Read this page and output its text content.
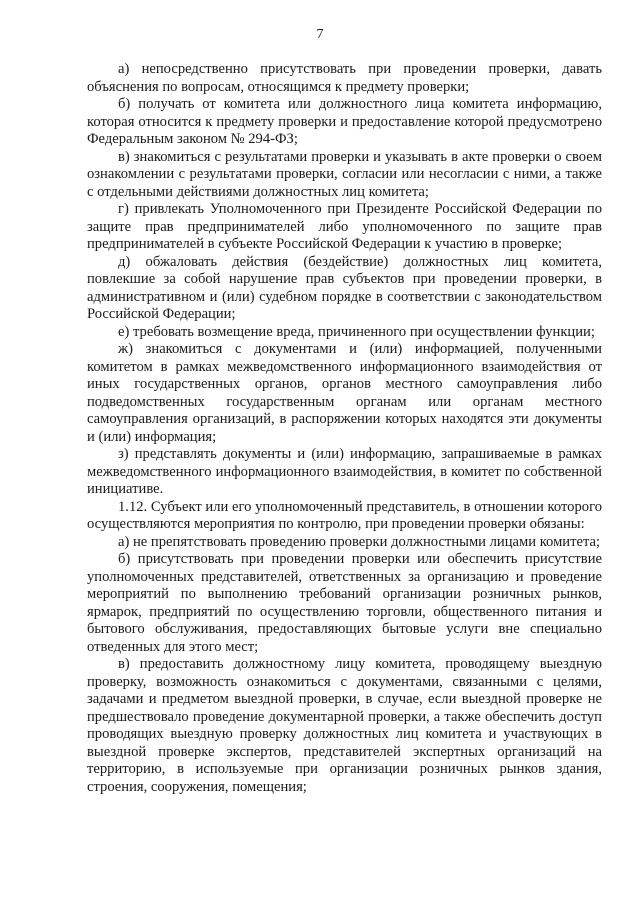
7

а) непосредственно присутствовать при проведении проверки, давать объяснения по вопросам, относящимся к предмету проверки;

б) получать от комитета или должностного лица комитета информацию, которая относится к предмету проверки и предоставление которой предусмотрено Федеральным законом № 294-ФЗ;

в) знакомиться с результатами проверки и указывать в акте проверки о своем ознакомлении с результатами проверки, согласии или несогласии с ними, а также с отдельными действиями должностных лиц комитета;

г) привлекать Уполномоченного при Президенте Российской Федерации по защите прав предпринимателей либо уполномоченного по защите прав предпринимателей в субъекте Российской Федерации к участию в проверке;

д) обжаловать действия (бездействие) должностных лиц комитета, повлекшие за собой нарушение прав субъектов при проведении проверки, в административном и (или) судебном порядке в соответствии с законодательством Российской Федерации;

е) требовать возмещение вреда, причиненного при осуществлении функции;

ж) знакомиться с документами и (или) информацией, полученными комитетом в рамках межведомственного информационного взаимодействия от иных государственных органов, органов местного самоуправления либо подведомственных государственным органам или органам местного самоуправления организаций, в распоряжении которых находятся эти документы и (или) информация;

з) представлять документы и (или) информацию, запрашиваемые в рамках межведомственного информационного взаимодействия, в комитет по собственной инициативе.

1.12. Субъект или его уполномоченный представитель, в отношении которого осуществляются мероприятия по контролю, при проведении проверки обязаны:

а) не препятствовать проведению проверки должностными лицами комитета;

б) присутствовать при проведении проверки или обеспечить присутствие уполномоченных представителей, ответственных за организацию и проведение мероприятий по выполнению требований организации розничных рынков, ярмарок, предприятий по осуществлению торговли, общественного питания и бытового обслуживания, предоставляющих бытовые услуги вне специально отведенных для этого мест;

в) предоставить должностному лицу комитета, проводящему выездную проверку, возможность ознакомиться с документами, связанными с целями, задачами и предметом выездной проверки, в случае, если выездной проверке не предшествовало проведение документарной проверки, а также обеспечить доступ проводящих выездную проверку должностных лиц комитета и участвующих в выездной проверке экспертов, представителей экспертных организаций на территорию, в используемые при организации розничных рынков здания, строения, сооружения, помещения;
